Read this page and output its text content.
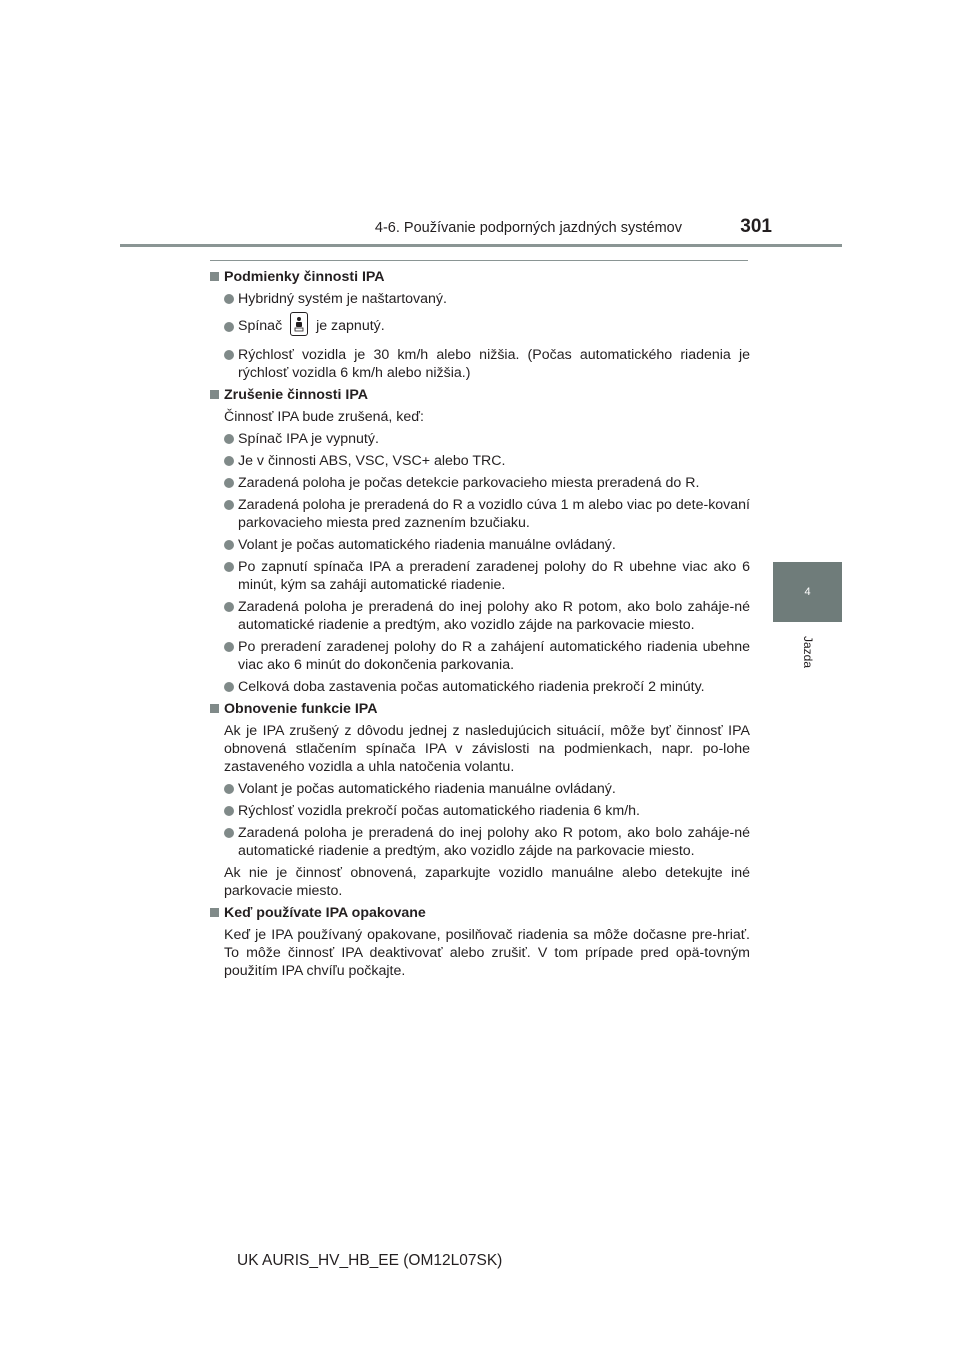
4-6. Používanie podporných jazdných systémov	301
4
Jazda
Podmienky činnosti IPA
Hybridný systém je naštartovaný.
Spínač je zapnutý.
Rýchlosť vozidla je 30 km/h alebo nižšia. (Počas automatického riadenia je rýchlosť vozidla 6 km/h alebo nižšia.)
Zrušenie činnosti IPA
Činnosť IPA bude zrušená, keď:
Spínač IPA je vypnutý.
Je v činnosti ABS, VSC, VSC+ alebo TRC.
Zaradená poloha je počas detekcie parkovacieho miesta preradená do R.
Zaradená poloha je preradená do R a vozidlo cúva 1 m alebo viac po dete-kovaní parkovacieho miesta pred zaznením bzučiaku.
Volant je počas automatického riadenia manuálne ovládaný.
Po zapnutí spínača IPA a preradení zaradenej polohy do R ubehne viac ako 6 minút, kým sa zaháji automatické riadenie.
Zaradená poloha je preradená do inej polohy ako R potom, ako bolo zaháje-né automatické riadenie a predtým, ako vozidlo zájde na parkovacie miesto.
Po preradení zaradenej polohy do R a zahájení automatického riadenia ubehne viac ako 6 minút do dokončenia parkovania.
Celková doba zastavenia počas automatického riadenia prekročí 2 minúty.
Obnovenie funkcie IPA
Ak je IPA zrušený z dôvodu jednej z nasledujúcich situácií, môže byť činnosť IPA obnovená stlačením spínača IPA v závislosti na podmienkach, napr. po-lohe zastaveného vozidla a uhla natočenia volantu.
Volant je počas automatického riadenia manuálne ovládaný.
Rýchlosť vozidla prekročí počas automatického riadenia 6 km/h.
Zaradená poloha je preradená do inej polohy ako R potom, ako bolo zaháje-né automatické riadenie a predtým, ako vozidlo zájde na parkovacie miesto.
Ak nie je činnosť obnovená, zaparkujte vozidlo manuálne alebo detekujte iné parkovacie miesto.
Keď používate IPA opakovane
Keď je IPA používaný opakovane, posilňovač riadenia sa môže dočasne pre-hriať. To môže činnosť IPA deaktivovať alebo zrušiť. V tom prípade pred opä-tovným použitím IPA chvíľu počkajte.
UK AURIS_HV_HB_EE (OM12L07SK)
